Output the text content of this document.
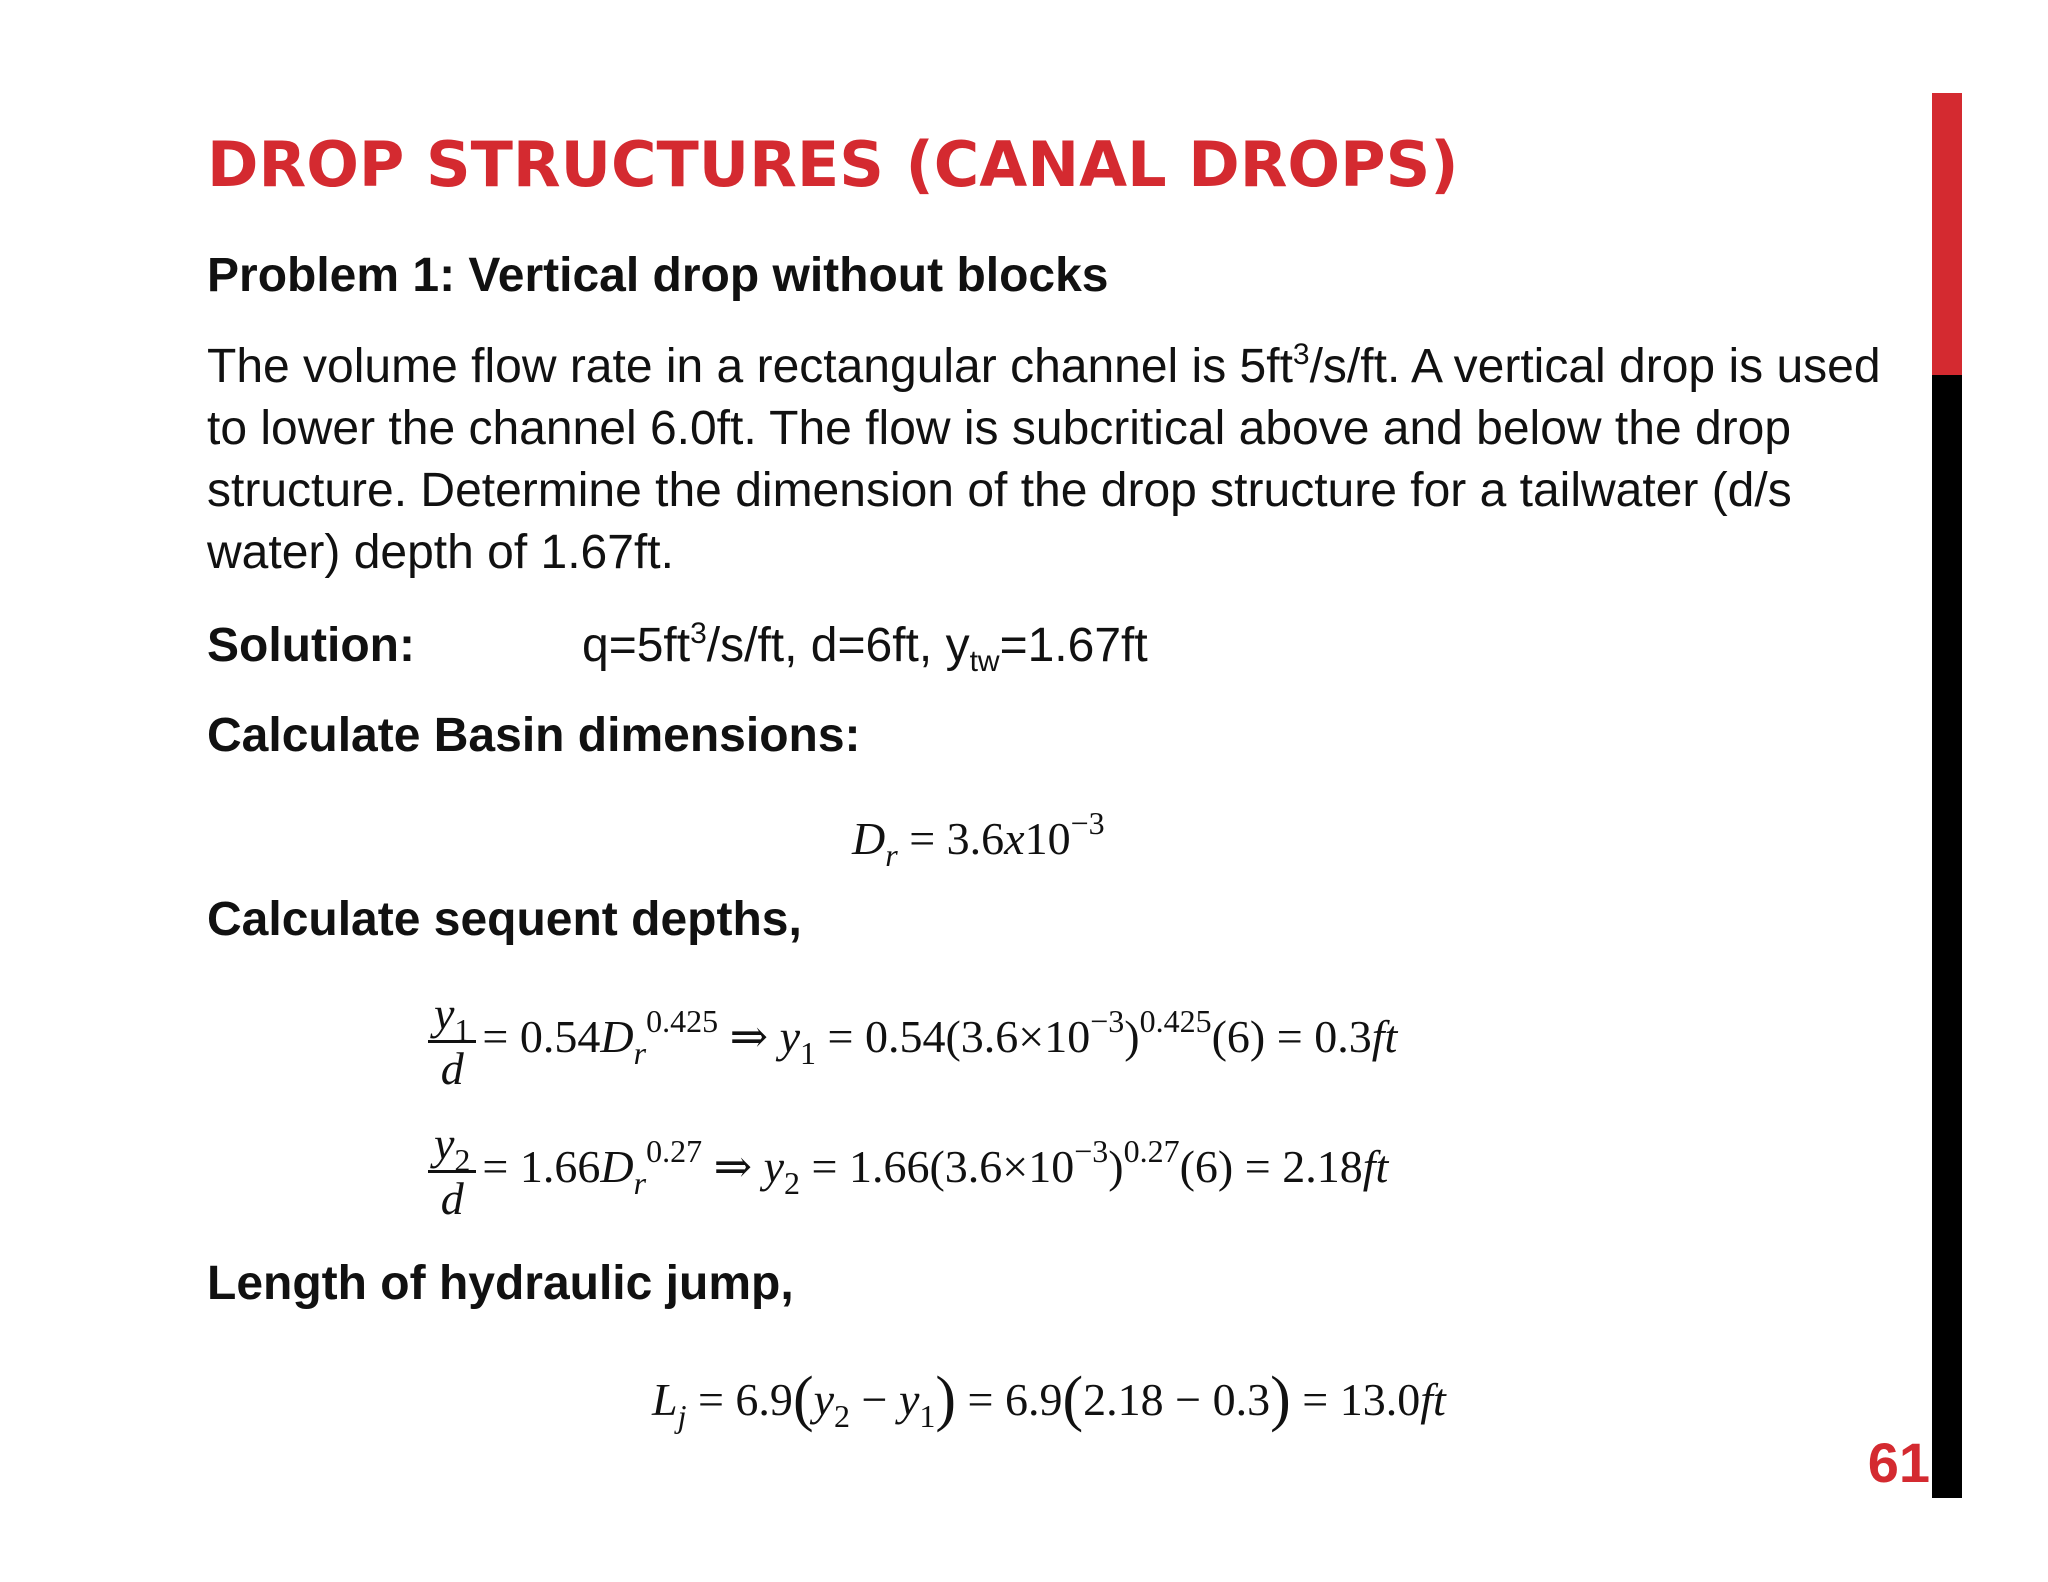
DROP STRUCTURES (CANAL DROPS)
Problem 1: Vertical drop without blocks

The volume flow rate in a rectangular channel is $5ft^3/s/ft$. A vertical drop is used to lower the channel 6.0ft. The flow is subcritical above and below the drop structure. Determine the dimension of the drop structure for a tailwater (d/s water) depth of 1.67ft.

Solution:	$q=5ft^3/s/ft$, d=6ft, $y_{tw}=1.67ft$
Calculate Basin dimensions:
$D_r = 3.6x10^{-3}$
Calculate sequent depths,
$\frac{y_1}{d} = 0.54D_r^{0.425}$ ⇒ $y_1 = 0.54(3.6\times 10^{-3})^{0.425}(6) = 0.3ft$
$\frac{y_2}{d} = 1.66D_r^{0.27}$ ⇒ $y_2 = 1.66(3.6\times 10^{-3})^{0.27}(6) = 2.18ft$
Length of hydraulic jump,
$L_j = 6.9(y_2 - y_1) = 6.9(2.18 - 0.3) = 13.0ft$
61
